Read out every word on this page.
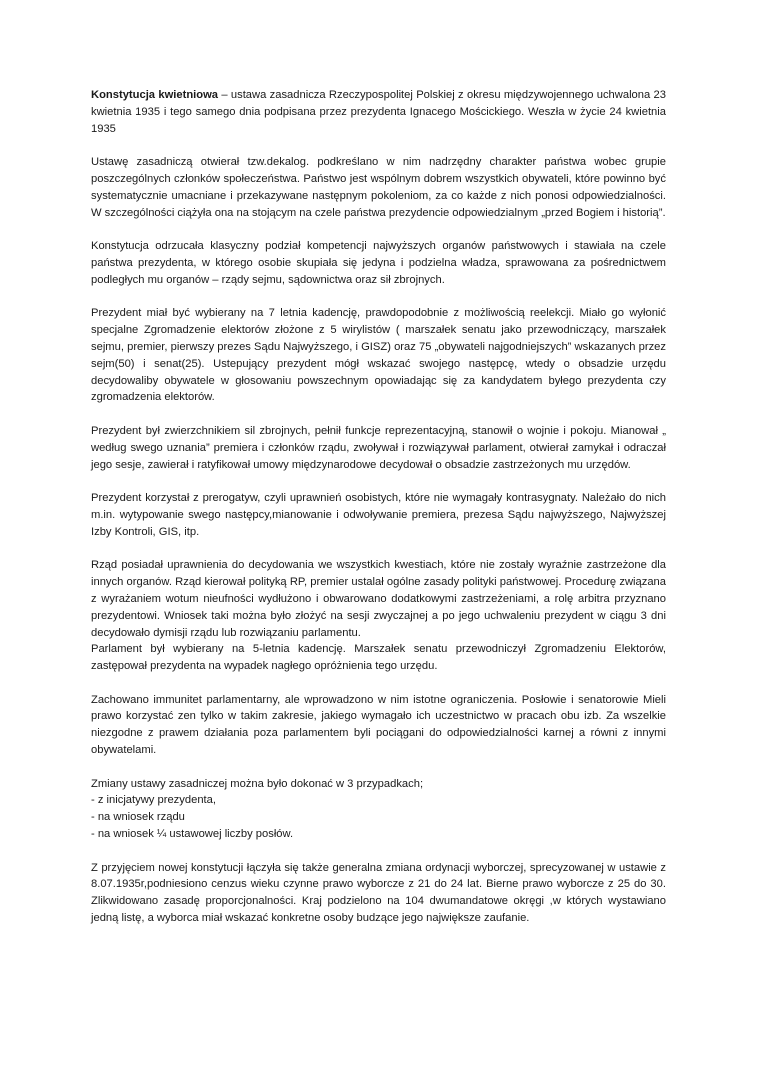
Konstytucja kwietniowa – ustawa zasadnicza Rzeczypospolitej Polskiej z okresu międzywojennego uchwalona 23 kwietnia 1935 i tego samego dnia podpisana przez prezydenta Ignacego Mościckiego. Weszła w życie 24 kwietnia 1935

Ustawę zasadniczą otwierał tzw.dekalog. podkreślano w nim nadrzędny charakter państwa wobec grupie poszczególnych członków społeczeństwa. Państwo jest wspólnym dobrem wszystkich obywateli, które powinno być systematycznie umacniane i przekazywane następnym pokoleniom, za co każde z nich ponosi odpowiedzialności. W szczególności ciążyła ona na stojącym na czele państwa prezydencie odpowiedzialnym „przed Bogiem i historią”.

Konstytucja odrzucała klasyczny podział kompetencji najwyższych organów państwowych i stawiała na czele państwa prezydenta, w którego osobie skupiała się jedyna i podzielna władza, sprawowana za pośrednictwem podległych mu organów – rządy sejmu, sądownictwa oraz sił zbrojnych.

Prezydent miał być wybierany na 7 letnia kadencję, prawdopodobnie z możliwością reelekcji. Miało go wyłonić specjalne Zgromadzenie elektorów złożone z 5 wirylistów ( marszałek senatu jako przewodniczący, marszałek sejmu, premier, pierwszy prezes Sądu Najwyższego, i GISZ) oraz 75 „obywateli najgodniejszych” wskazanych przez sejm(50) i senat(25). Ustepujący prezydent mógł wskazać swojego następcę, wtedy o obsadzie urzędu decydowaliby obywatele w głosowaniu powszechnym opowiadając się za kandydatem byłego prezydenta czy zgromadzenia elektorów.

Prezydent był zwierzchnikiem sil zbrojnych, pełnił funkcje reprezentacyjną, stanowił o wojnie i pokoju. Mianował „ według swego uznania” premiera i członków rządu, zwoływał i rozwiązywał parlament, otwierał zamykał i odraczał jego sesje, zawierał i ratyfikował umowy międzynarodowe decydował o obsadzie zastrzeżonych mu urzędów.

Prezydent korzystał z prerogatyw, czyli uprawnień osobistych, które nie wymagały kontrasygnaty. Należało do nich m.in. wytypowanie swego następcy,mianowanie i odwoływanie premiera, prezesa Sądu najwyższego, Najwyższej Izby Kontroli, GIS, itp.

Rząd posiadał uprawnienia do decydowania we wszystkich kwestiach, które nie zostały wyraźnie zastrzeżone dla innych organów. Rząd kierował polityką RP, premier ustalał ogólne zasady polityki państwowej. Procedurę związana z wyrażaniem wotum nieufności wydłużono i obwarowano dodatkowymi zastrzeżeniami, a rolę arbitra przyznano prezydentowi. Wniosek taki można było złożyć na sesji zwyczajnej a po jego uchwaleniu prezydent w ciągu 3 dni decydowało dymisji rządu lub rozwiązaniu parlamentu.

Parlament był wybierany na 5-letnia kadencję. Marszałek senatu przewodniczył Zgromadzeniu Elektorów, zastępował prezydenta na wypadek nagłego opróżnienia tego urzędu.

Zachowano immunitet parlamentarny, ale wprowadzono w nim istotne ograniczenia. Posłowie i senatorowie Mieli prawo korzystać zen tylko w takim zakresie, jakiego wymagało ich uczestnictwo w pracach obu izb. Za wszelkie niezgodne z prawem działania poza parlamentem byli pociągani do odpowiedzialności karnej a równi z innymi obywatelami.

Zmiany ustawy zasadniczej można było dokonać w 3 przypadkach;

- z inicjatywy prezydenta,
- na wniosek rządu
- na wniosek ¼ ustawowej liczby posłów.

Z przyjęciem nowej konstytucji łączyła się także generalna zmiana ordynacji wyborczej, sprecyzowanej w ustawie z 8.07.1935r,podniesiono cenzus wieku czynne prawo wyborcze z 21 do 24 lat. Bierne prawo wyborcze z 25 do 30. Zlikwidowano zasadę proporcjonalności. Kraj podzielono na 104 dwumandatowe okręgi ,w których wystawiano jedną listę, a wyborca miał wskazać konkretne osoby budzące jego największe zaufanie.
